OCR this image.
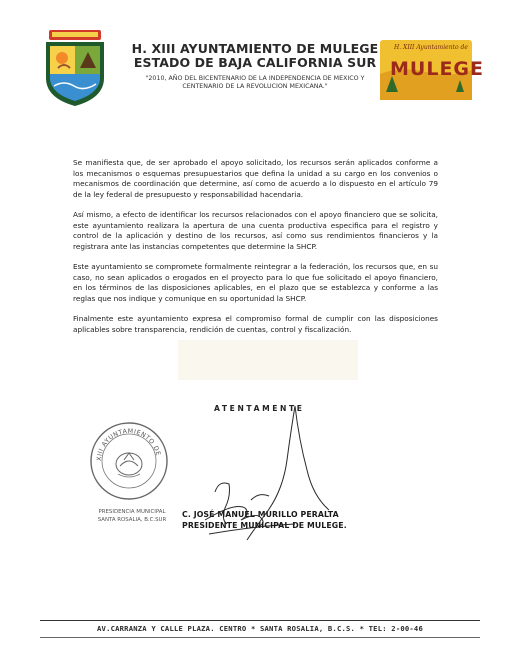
H. XIII AYUNTAMIENTO DE MULEGE
ESTADO DE BAJA CALIFORNIA SUR
"2010, AÑO DEL BICENTENARIO DE LA INDEPENDENCIA DE MEXICO Y
CENTENARIO DE LA REVOLUCION MEXICANA."
H. XIII Ayuntamiento de
MULEGE

Se manifiesta que, de ser aprobado el apoyo solicitado, los recursos serán aplicados conforme a los mecanismos o esquemas presupuestarios que defina la unidad a su cargo en los convenios o mecanismos de coordinación que determine, así como de acuerdo a lo dispuesto en el artículo 79 de la ley federal de presupuesto y responsabilidad hacendaria.

Así mismo, a efecto de identificar los recursos relacionados con el apoyo financiero que se solicita, este ayuntamiento realizara la apertura de una cuenta productiva especifica para el registro y control de la aplicación y destino de los recursos, así como sus rendimientos financieros y la registrara ante las instancias competentes que determine la SHCP.

Este ayuntamiento se compromete formalmente reintegrar a la federación, los recursos que, en su caso, no sean aplicados o erogados en el proyecto para lo que fue solicitado el apoyo financiero, en los términos de las disposiciones aplicables, en el plazo que se establezca y conforme a las reglas que nos indique y comunique en su oportunidad la SHCP.

Finalmente este ayuntamiento expresa el compromiso formal de cumplir con las disposiciones aplicables sobre transparencia, rendición de cuentas, control y fiscalización.

ATENTAMENTE
XIII AYUNTAMIENTO DE
PRESIDENCIA MUNICIPAL
SANTA ROSALIA, B.C.SUR
C. JOSÉ MANUEL MURILLO PERALTA
PRESIDENTE MUNICIPAL DE MULEGE.
AV.CARRANZA Y CALLE PLAZA. CENTRO * SANTA ROSALIA, B.C.S. * TEL: 2-00-46
